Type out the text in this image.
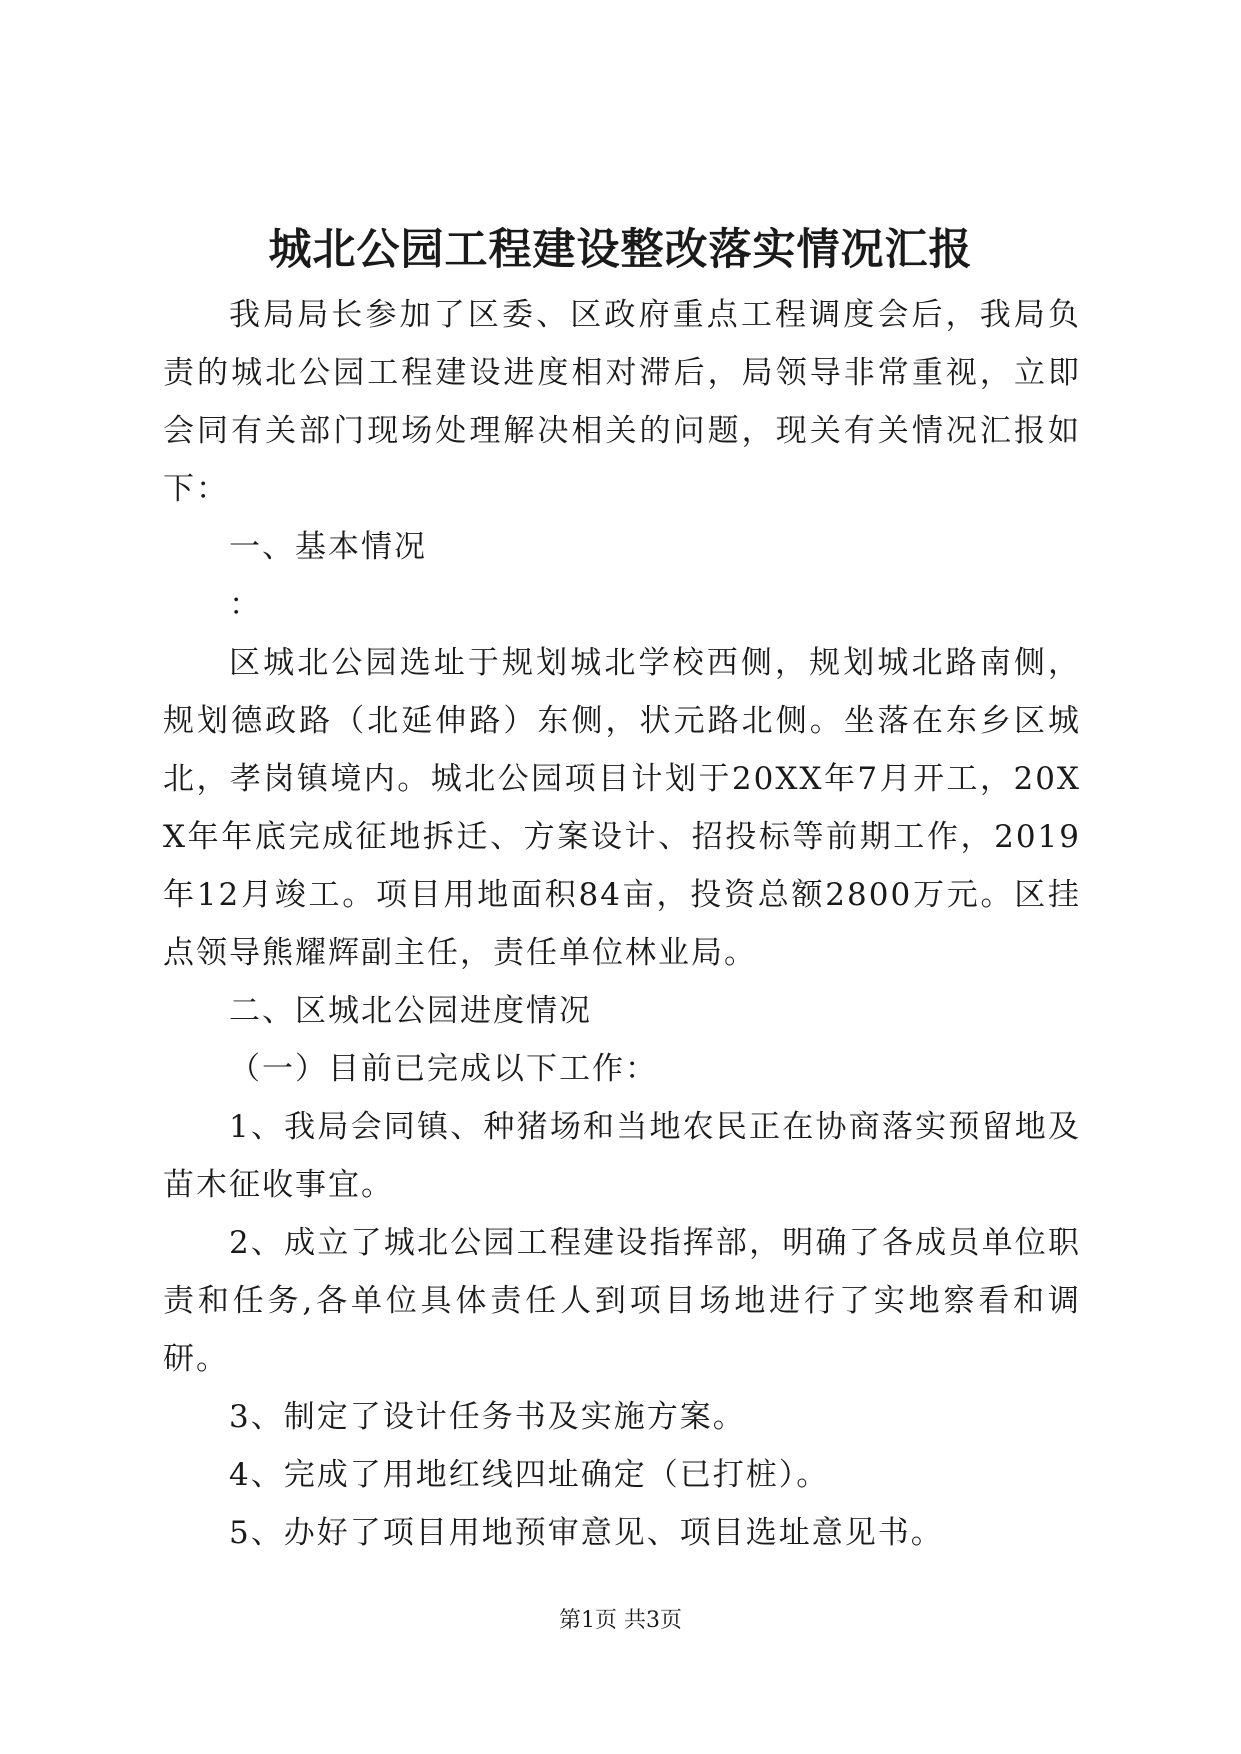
城北公园工程建设整改落实情况汇报

我局局长参加了区委、区政府重点工程调度会后，我局负责的城北公园工程建设进度相对滞后，局领导非常重视，立即会同有关部门现场处理解决相关的问题，现关有关情况汇报如下：

一、基本情况

：

区城北公园选址于规划城北学校西侧，规划城北路南侧，规划德政路（北延伸路）东侧，状元路北侧。坐落在东乡区城北，孝岗镇境内。城北公园项目计划于20XX年7月开工，20XX年年底完成征地拆迁、方案设计、招投标等前期工作，2019年12月竣工。项目用地面积84亩，投资总额2800万元。区挂点领导熊耀辉副主任，责任单位林业局。

二、区城北公园进度情况

（一）目前已完成以下工作：

1、我局会同镇、种猪场和当地农民正在协商落实预留地及苗木征收事宜。

2、成立了城北公园工程建设指挥部，明确了各成员单位职责和任务,各单位具体责任人到项目场地进行了实地察看和调研。

3、制定了设计任务书及实施方案。

4、完成了用地红线四址确定（已打桩）。

5、办好了项目用地预审意见、项目选址意见书。

第1页 共3页
